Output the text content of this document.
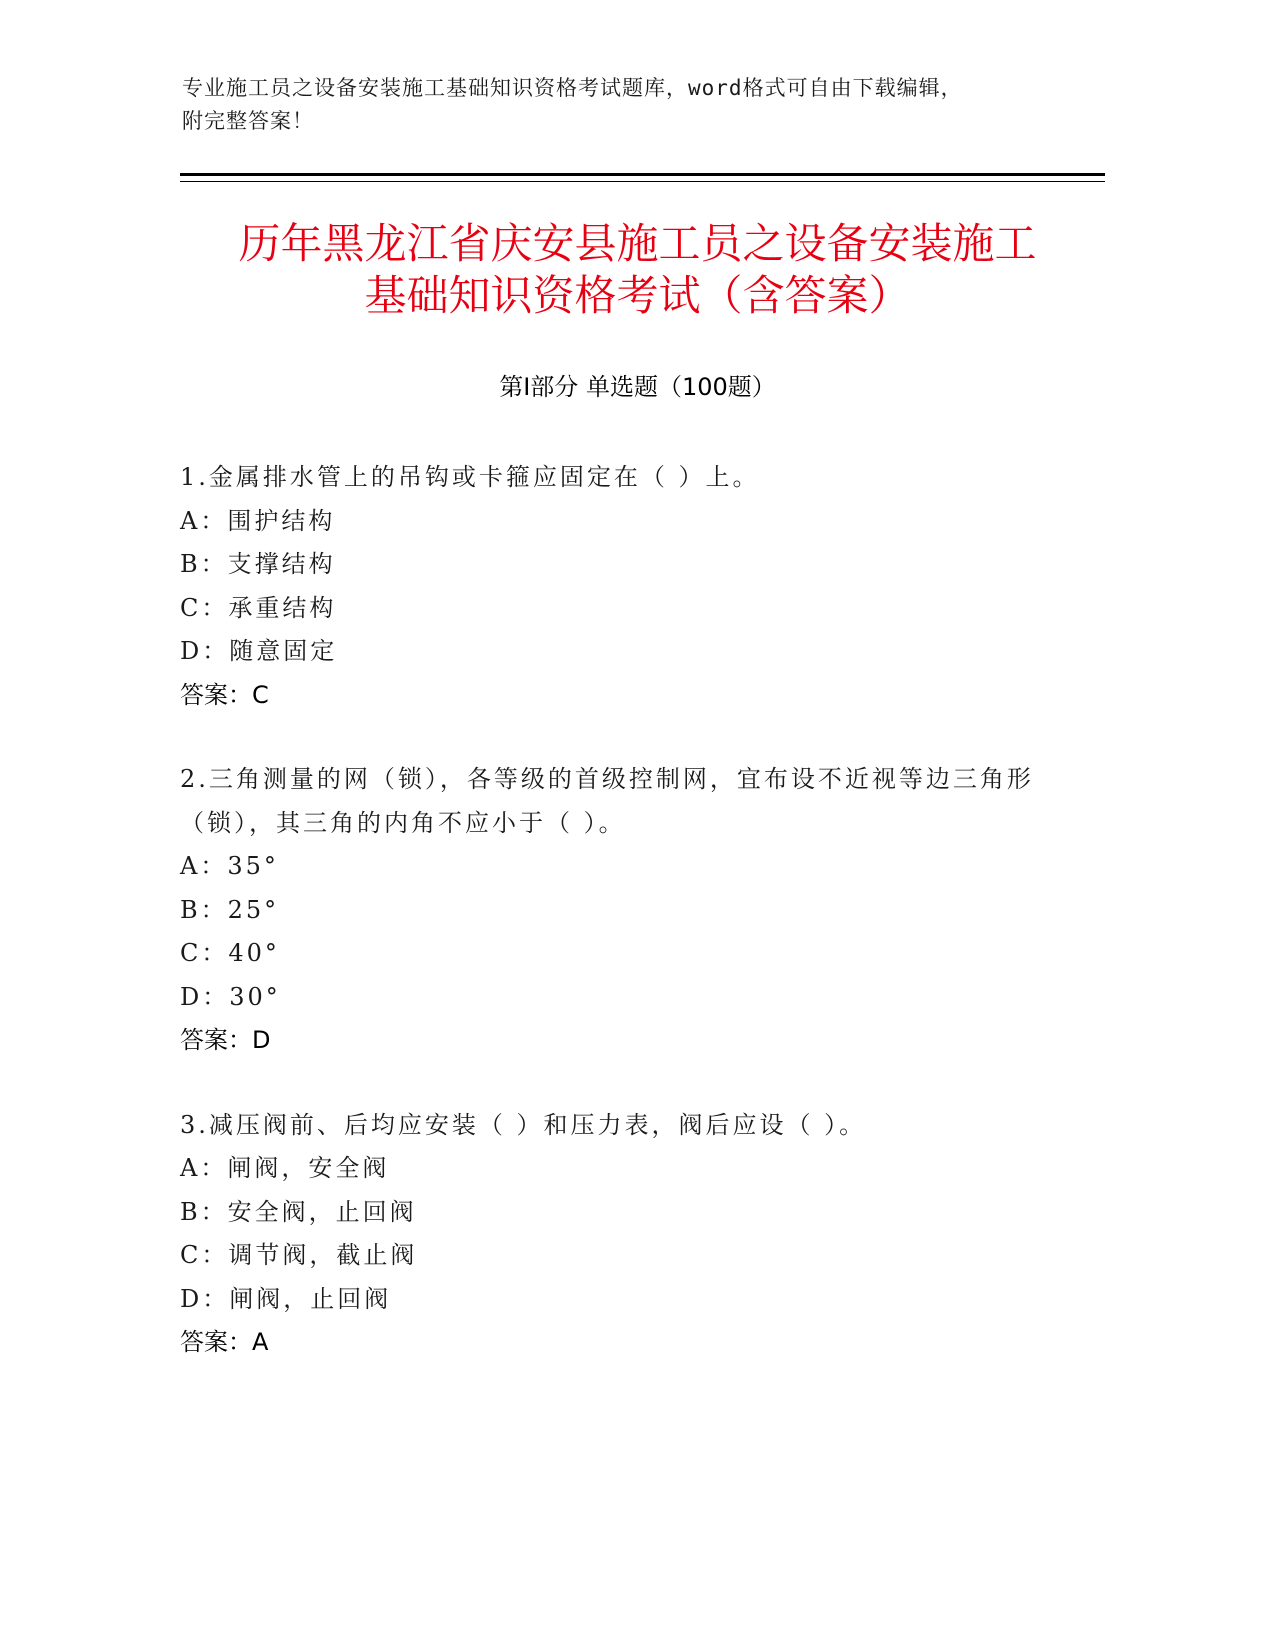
专业施工员之设备安装施工基础知识资格考试题库，word格式可自由下载编辑，
附完整答案！
历年黑龙江省庆安县施工员之设备安装施工
基础知识资格考试（含答案）
第Ⅰ部分 单选题（100题）
1.金属排水管上的吊钩或卡箍应固定在（ ）上。
A：围护结构
B：支撑结构
C：承重结构
D：随意固定
答案：C
2.三角测量的网（锁），各等级的首级控制网，宜布设不近视等边三角形（锁），其三角的内角不应小于（ ）。
A：35°
B：25°
C：40°
D：30°
答案：D
3.减压阀前、后均应安装（ ）和压力表，阀后应设（ ）。
A：闸阀，安全阀
B：安全阀，止回阀
C：调节阀，截止阀
D：闸阀，止回阀
答案：A
